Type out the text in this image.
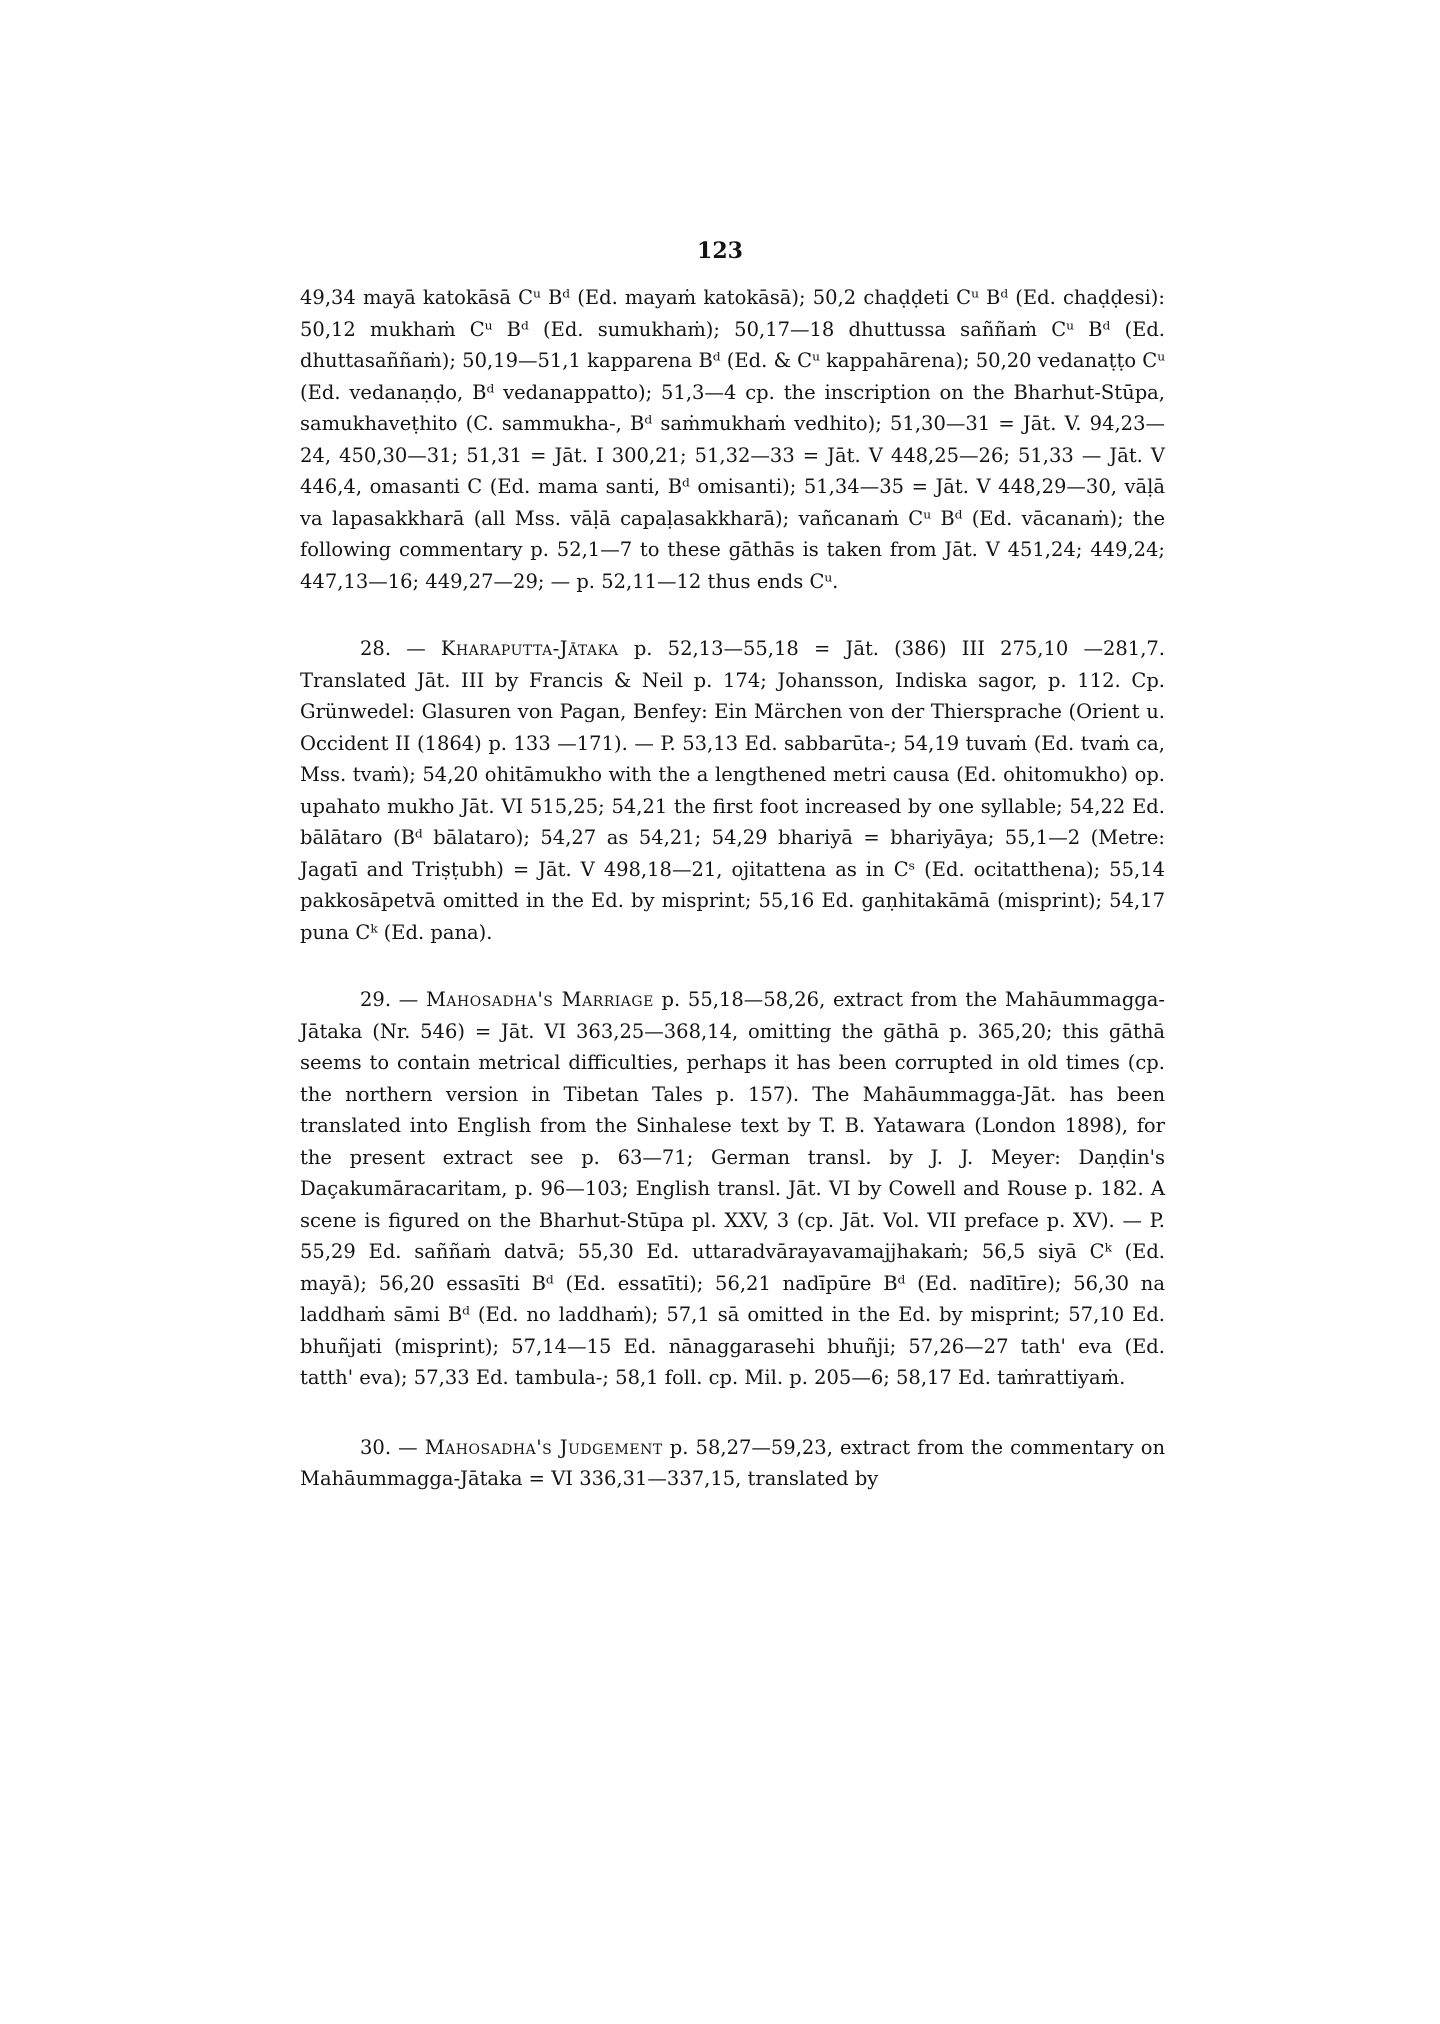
123

49,34 mayā katokāsā Cᵘ Bᵈ (Ed. mayaṁ katokāsā); 50,2 chaḍḍeti Cᵘ Bᵈ (Ed. chaḍḍesi): 50,12 mukhaṁ Cᵘ Bᵈ (Ed. sumukhaṁ); 50,17—18 dhuttussa saññaṁ Cᵘ Bᵈ (Ed. dhuttasaññaṁ); 50,19—51,1 kapparena Bᵈ (Ed. & Cᵘ kappahārena); 50,20 vedanaṭṭo Cᵘ (Ed. vedanaṇḍo, Bᵈ vedanappatto); 51,3—4 cp. the inscription on the Bharhut-Stūpa, samukhaveṭhito (C. sammukha-, Bᵈ saṁmukhaṁ vedhito); 51,30—31 = Jāt. V. 94,23—24, 450,30—31; 51,31 = Jāt. I 300,21; 51,32—33 = Jāt. V 448,25—26; 51,33 — Jāt. V 446,4, omasanti C (Ed. mama santi, Bᵈ omisanti); 51,34—35 = Jāt. V 448,29—30, vāḷā va lapasakkharā (all Mss. vāḷā capaḷasakkharā); vañcanaṁ Cᵘ Bᵈ (Ed. vācanaṁ); the following commentary p. 52,1—7 to these gāthās is taken from Jāt. V 451,24; 449,24; 447,13—16; 449,27—29; — p. 52,11—12 thus ends Cᵘ.

28. — Kharaputta-Jātaka p. 52,13—55,18 = Jāt. (386) III 275,10 —281,7. Translated Jāt. III by Francis & Neil p. 174; Johansson, Indiska sagor, p. 112. Cp. Grünwedel: Glasuren von Pagan, Benfey: Ein Märchen von der Thiersprache (Orient u. Occident II (1864) p. 133 —171). — P. 53,13 Ed. sabbarūta-; 54,19 tuvaṁ (Ed. tvaṁ ca, Mss. tvaṁ); 54,20 ohitāmukho with the a lengthened metri causa (Ed. ohitomukho) op. upahato mukho Jāt. VI 515,25; 54,21 the first foot increased by one syllable; 54,22 Ed. bālātaro (Bᵈ bālataro); 54,27 as 54,21; 54,29 bhariyā = bhariyāya; 55,1—2 (Metre: Jagatī and Triṣṭubh) = Jāt. V 498,18—21, ojitattena as in Cˢ (Ed. ocitatthena); 55,14 pakkosāpetvā omitted in the Ed. by misprint; 55,16 Ed. gaṇhitakāmā (misprint); 54,17 puna Cᵏ (Ed. pana).

29. — Mahosadha's Marriage p. 55,18—58,26, extract from the Mahāummagga-Jātaka (Nr. 546) = Jāt. VI 363,25—368,14, omitting the gāthā p. 365,20; this gāthā seems to contain metrical difficulties, perhaps it has been corrupted in old times (cp. the northern version in Tibetan Tales p. 157). The Mahāummagga-Jāt. has been translated into English from the Sinhalese text by T. B. Yatawara (London 1898), for the present extract see p. 63—71; German transl. by J. J. Meyer: Daṇḍin's Daçakumāracaritam, p. 96—103; English transl. Jāt. VI by Cowell and Rouse p. 182. A scene is figured on the Bharhut-Stūpa pl. XXV, 3 (cp. Jāt. Vol. VII preface p. XV). — P. 55,29 Ed. saññaṁ datvā; 55,30 Ed. uttaradvārayavamajjhakaṁ; 56,5 siyā Cᵏ (Ed. mayā); 56,20 essasīti Bᵈ (Ed. essatīti); 56,21 nadīpūre Bᵈ (Ed. nadītīre); 56,30 na laddhaṁ sāmi Bᵈ (Ed. no laddhaṁ); 57,1 sā omitted in the Ed. by misprint; 57,10 Ed. bhuñjati (misprint); 57,14—15 Ed. nānaggarasehi bhuñji; 57,26—27 tath' eva (Ed. tatth' eva); 57,33 Ed. tambula-; 58,1 foll. cp. Mil. p. 205—6; 58,17 Ed. taṁrattiyaṁ.

30. — Mahosadha's Judgement p. 58,27—59,23, extract from the commentary on Mahāummagga-Jātaka = VI 336,31—337,15, translated by
